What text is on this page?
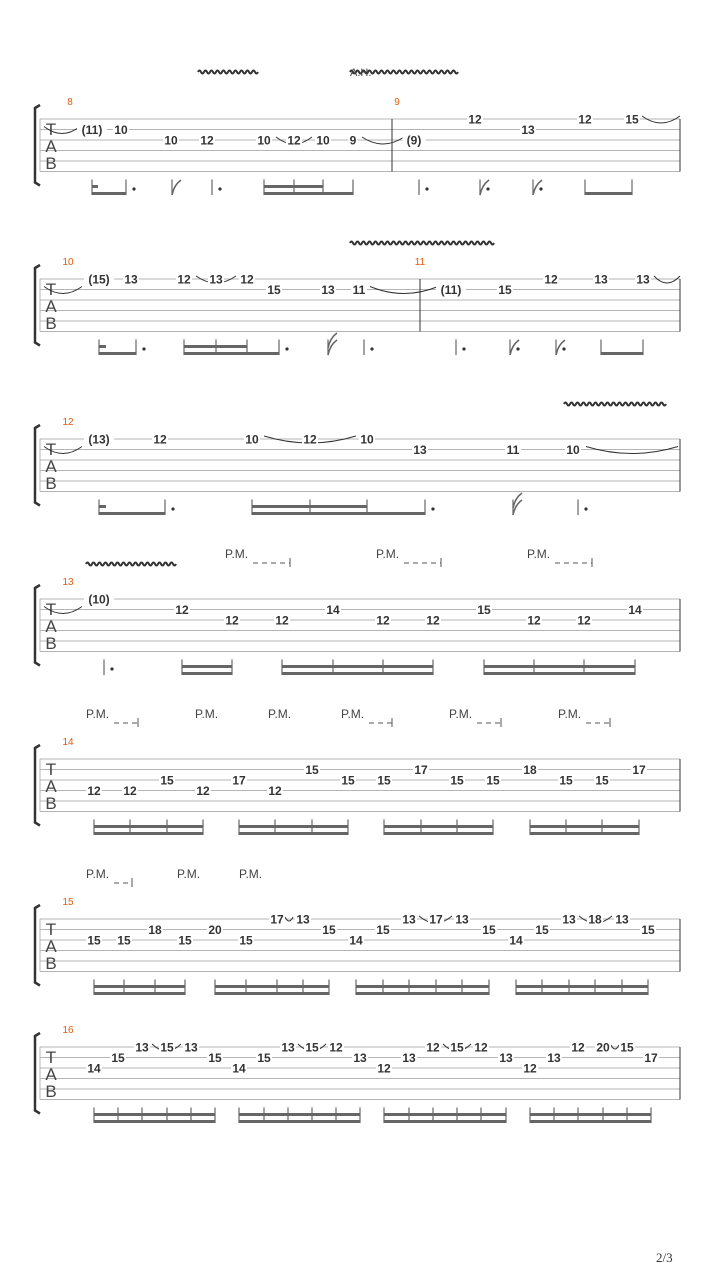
T
A
B
8	9
A.H.
(11) 10
10 12	10 12 10 9	(9)
12
13
12	15
T
A
B
10	11
(15) 13	12 13 12
15	13 11	(11)	15
12	13 13
T
A
B
12
(13)	12	10	12	10
13	11	10
T
A
B
13
P.M.	P.M.	P.M.
(10)
12
12	12
14
12	12
15
12	12
14
T
A
B
14
P.M.	P.M.	P.M.	P.M.	P.M.	P.M.
12 12
15
12
17
12
15
15 15
17
15 15
18
15 15
17
T
A
B
15
P.M.	P.M.	P.M.
15 15
18
15
20
15
17 13
15
14
15
13 17 13
15
14
15
13 18 13
15
T
A
B
16
14
15
13 15 13
15
14
15
13 15 12
13
12
13
12 15 12
13
12
13
12 20 15
17
2/3
